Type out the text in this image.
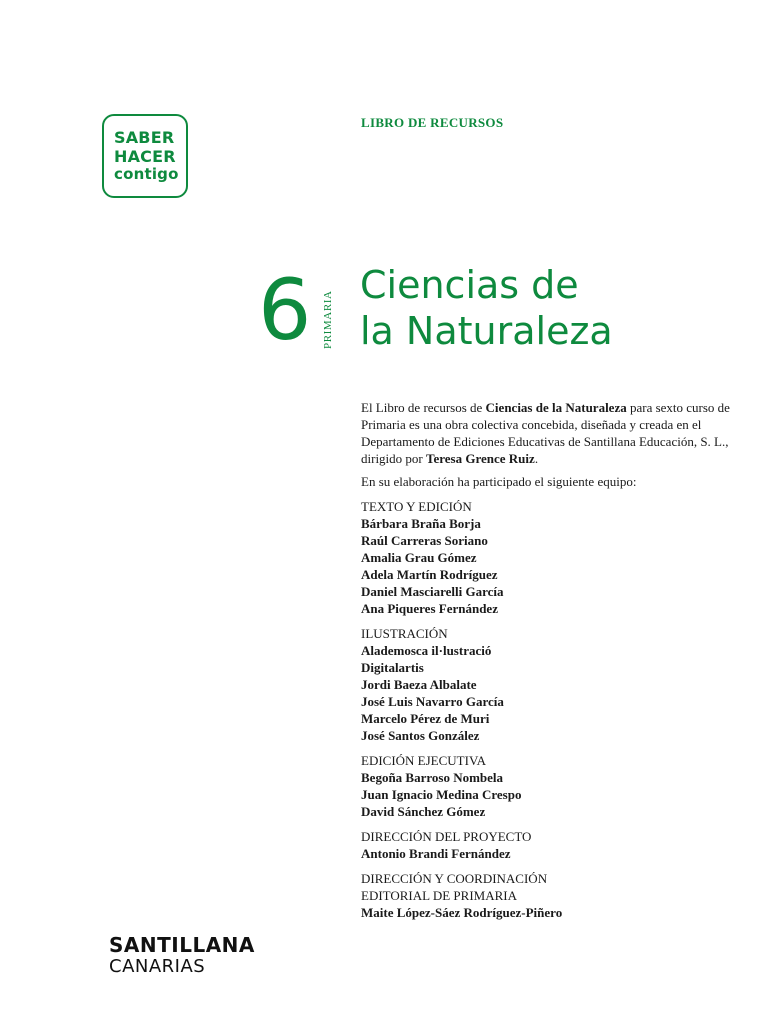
SABER
HACER
contigo
LIBRO DE RECURSOS
6 PRIMARIA
Ciencias de
la Naturaleza

El Libro de recursos de Ciencias de la Naturaleza para sexto curso de Primaria es una obra colectiva concebida, diseñada y creada en el Departamento de Ediciones Educativas de Santillana Educación, S. L., dirigido por Teresa Grence Ruiz.

En su elaboración ha participado el siguiente equipo:

TEXTO Y EDICIÓN
Bárbara Braña Borja
Raúl Carreras Soriano
Amalia Grau Gómez
Adela Martín Rodríguez
Daniel Masciarelli García
Ana Piqueres Fernández
ILUSTRACIÓN
Alademosca il·lustració
Digitalartis
Jordi Baeza Albalate
José Luis Navarro García
Marcelo Pérez de Muri
José Santos González
EDICIÓN EJECUTIVA
Begoña Barroso Nombela
Juan Ignacio Medina Crespo
David Sánchez Gómez
DIRECCIÓN DEL PROYECTO
Antonio Brandi Fernández
DIRECCIÓN Y COORDINACIÓN
EDITORIAL DE PRIMARIA
Maite López-Sáez Rodríguez-Piñero
SANTILLANA
CANARIAS
